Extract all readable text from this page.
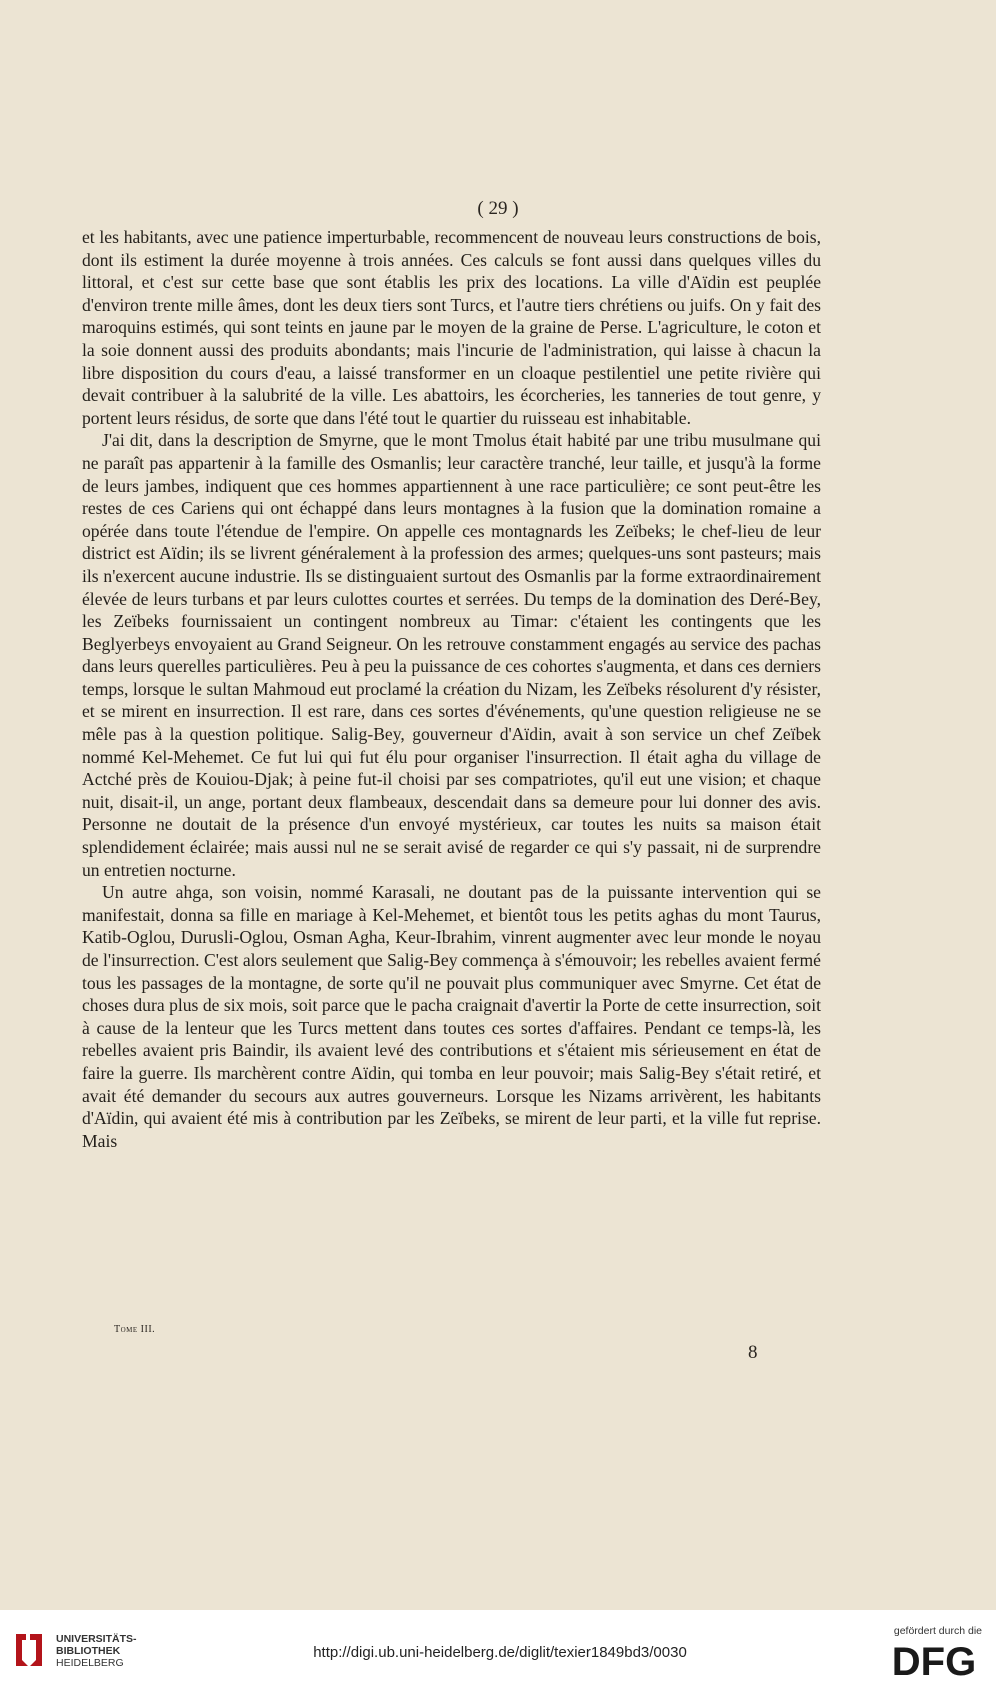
( 29 )

et les habitants, avec une patience imperturbable, recommencent de nouveau leurs constructions de bois, dont ils estiment la durée moyenne à trois années. Ces calculs se font aussi dans quelques villes du littoral, et c'est sur cette base que sont établis les prix des locations. La ville d'Aïdin est peuplée d'environ trente mille âmes, dont les deux tiers sont Turcs, et l'autre tiers chrétiens ou juifs. On y fait des maroquins estimés, qui sont teints en jaune par le moyen de la graine de Perse. L'agriculture, le coton et la soie donnent aussi des produits abondants; mais l'incurie de l'administration, qui laisse à chacun la libre disposition du cours d'eau, a laissé transformer en un cloaque pestilentiel une petite rivière qui devait contribuer à la salubrité de la ville. Les abattoirs, les écorcheries, les tanneries de tout genre, y portent leurs résidus, de sorte que dans l'été tout le quartier du ruisseau est inhabitable.

J'ai dit, dans la description de Smyrne, que le mont Tmolus était habité par une tribu musulmane qui ne paraît pas appartenir à la famille des Osmanlis; leur caractère tranché, leur taille, et jusqu'à la forme de leurs jambes, indiquent que ces hommes appartiennent à une race particulière; ce sont peut-être les restes de ces Cariens qui ont échappé dans leurs montagnes à la fusion que la domination romaine a opérée dans toute l'étendue de l'empire. On appelle ces montagnards les Zeïbeks; le chef-lieu de leur district est Aïdin; ils se livrent généralement à la profession des armes; quelques-uns sont pasteurs; mais ils n'exercent aucune industrie. Ils se distinguaient surtout des Osmanlis par la forme extraordinairement élevée de leurs turbans et par leurs culottes courtes et serrées. Du temps de la domination des Deré-Bey, les Zeïbeks fournissaient un contingent nombreux au Timar: c'étaient les contingents que les Beglyerbeys envoyaient au Grand Seigneur. On les retrouve constamment engagés au service des pachas dans leurs querelles particulières. Peu à peu la puissance de ces cohortes s'augmenta, et dans ces derniers temps, lorsque le sultan Mahmoud eut proclamé la création du Nizam, les Zeïbeks résolurent d'y résister, et se mirent en insurrection. Il est rare, dans ces sortes d'événements, qu'une question religieuse ne se mêle pas à la question politique. Salig-Bey, gouverneur d'Aïdin, avait à son service un chef Zeïbek nommé Kel-Mehemet. Ce fut lui qui fut élu pour organiser l'insurrection. Il était agha du village de Actché près de Kouiou-Djak; à peine fut-il choisi par ses compatriotes, qu'il eut une vision; et chaque nuit, disait-il, un ange, portant deux flambeaux, descendait dans sa demeure pour lui donner des avis. Personne ne doutait de la présence d'un envoyé mystérieux, car toutes les nuits sa maison était splendidement éclairée; mais aussi nul ne se serait avisé de regarder ce qui s'y passait, ni de surprendre un entretien nocturne.

Un autre ahga, son voisin, nommé Karasali, ne doutant pas de la puissante intervention qui se manifestait, donna sa fille en mariage à Kel-Mehemet, et bientôt tous les petits aghas du mont Taurus, Katib-Oglou, Durusli-Oglou, Osman Agha, Keur-Ibrahim, vinrent augmenter avec leur monde le noyau de l'insurrection. C'est alors seulement que Salig-Bey commença à s'émouvoir; les rebelles avaient fermé tous les passages de la montagne, de sorte qu'il ne pouvait plus communiquer avec Smyrne. Cet état de choses dura plus de six mois, soit parce que le pacha craignait d'avertir la Porte de cette insurrection, soit à cause de la lenteur que les Turcs mettent dans toutes ces sortes d'affaires. Pendant ce temps-là, les rebelles avaient pris Baindir, ils avaient levé des contributions et s'étaient mis sérieusement en état de faire la guerre. Ils marchèrent contre Aïdin, qui tomba en leur pouvoir; mais Salig-Bey s'était retiré, et avait été demander du secours aux autres gouverneurs. Lorsque les Nizams arrivèrent, les habitants d'Aïdin, qui avaient été mis à contribution par les Zeïbeks, se mirent de leur parti, et la ville fut reprise. Mais

Tome III.
8
UNIVERSITÄTS-
BIBLIOTHEK
HEIDELBERG
http://digi.ub.uni-heidelberg.de/diglit/texier1849bd3/0030
gefördert durch die
DFG
